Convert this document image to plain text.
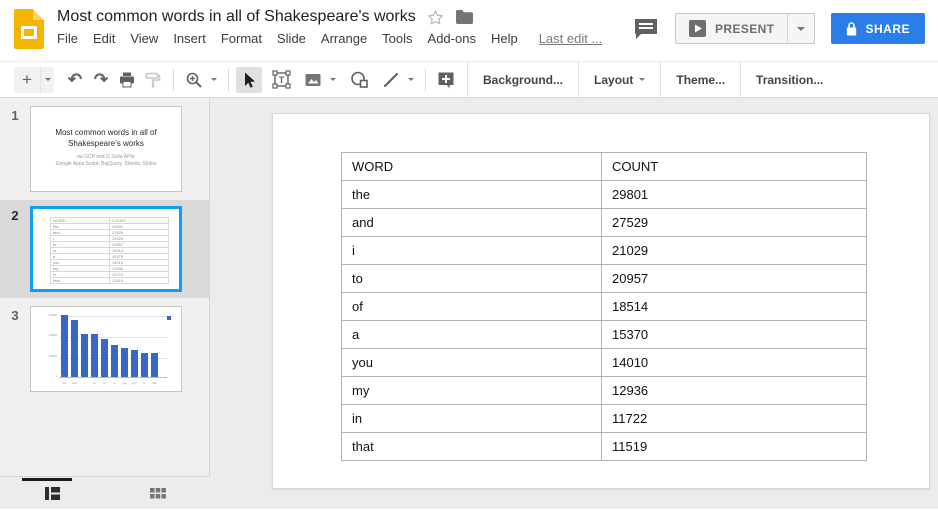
Most common words in all of Shakespeare's works
File Edit View Insert Format Slide Arrange Tools Add-ons Help Last edit ...
PRESENT	SHARE
+ ↶ ↷	T	Background...	Layout	Theme...	Transition...
1
Most common words in all of Shakespeare's works
via GCP and G Suite APIs:
Google Apps Script, BigQuery, Sheets, Slides
2	WORD	COUNT
the	29801
and	27529
i	21029
to	20957
of	18514
a	15370
you	14010
my	12936
in	11722
that	11519
3	30000
20000
10000
0
the	and	i	to	of	a	you	my	in	that
WORD	COUNT
the	29801
and	27529
i	21029
to	20957
of	18514
a	15370
you	14010
my	12936
in	11722
that	11519
